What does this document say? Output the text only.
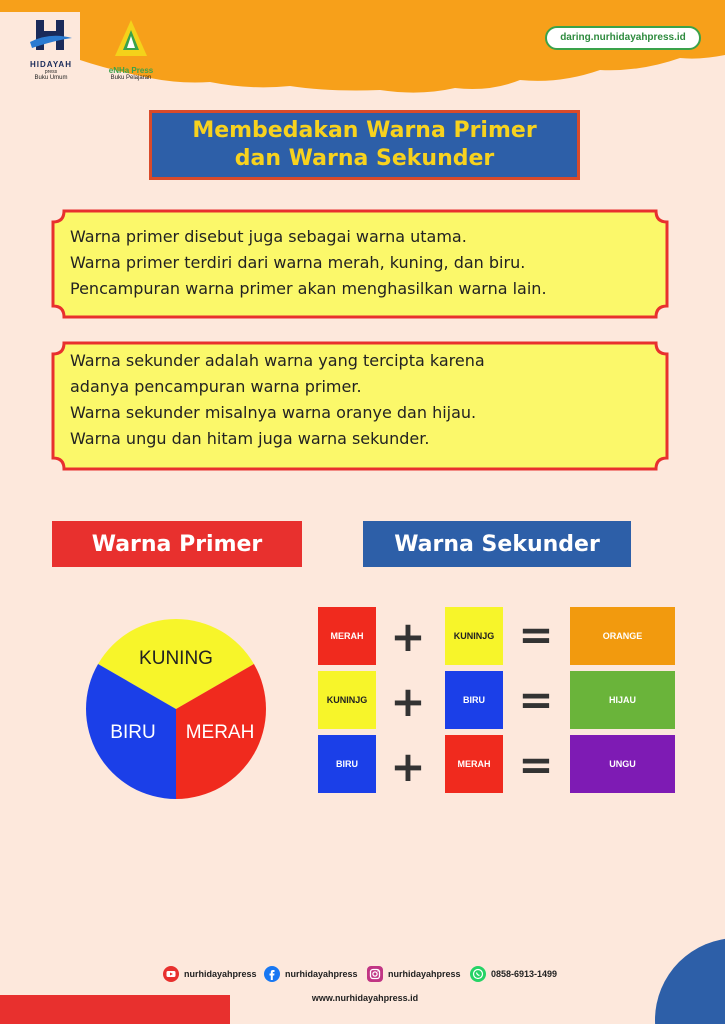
HIDAYAH
press
Buku Umum
eNHa Press
Buku Pelajaran
daring.nurhidayahpress.id
Membedakan Warna Primer
dan Warna Sekunder
Warna primer disebut juga sebagai warna utama.
Warna primer terdiri dari warna merah, kuning, dan biru.
Pencampuran warna primer akan menghasilkan warna lain.
Warna sekunder adalah warna yang tercipta karena
adanya pencampuran warna primer.
Warna sekunder misalnya warna oranye dan hijau.
Warna ungu dan hitam juga warna sekunder.
Warna Primer	Warna Sekunder
KUNING
BIRU	MERAH
MERAH +	KUNINJG =	ORANGE
KUNINJG +	BIRU =	HIJAU
BIRU +	MERAH =	UNGU
nurhidayahpress	nurhidayahpress	nurhidayahpress	0858-6913-1499
www.nurhidayahpress.id
